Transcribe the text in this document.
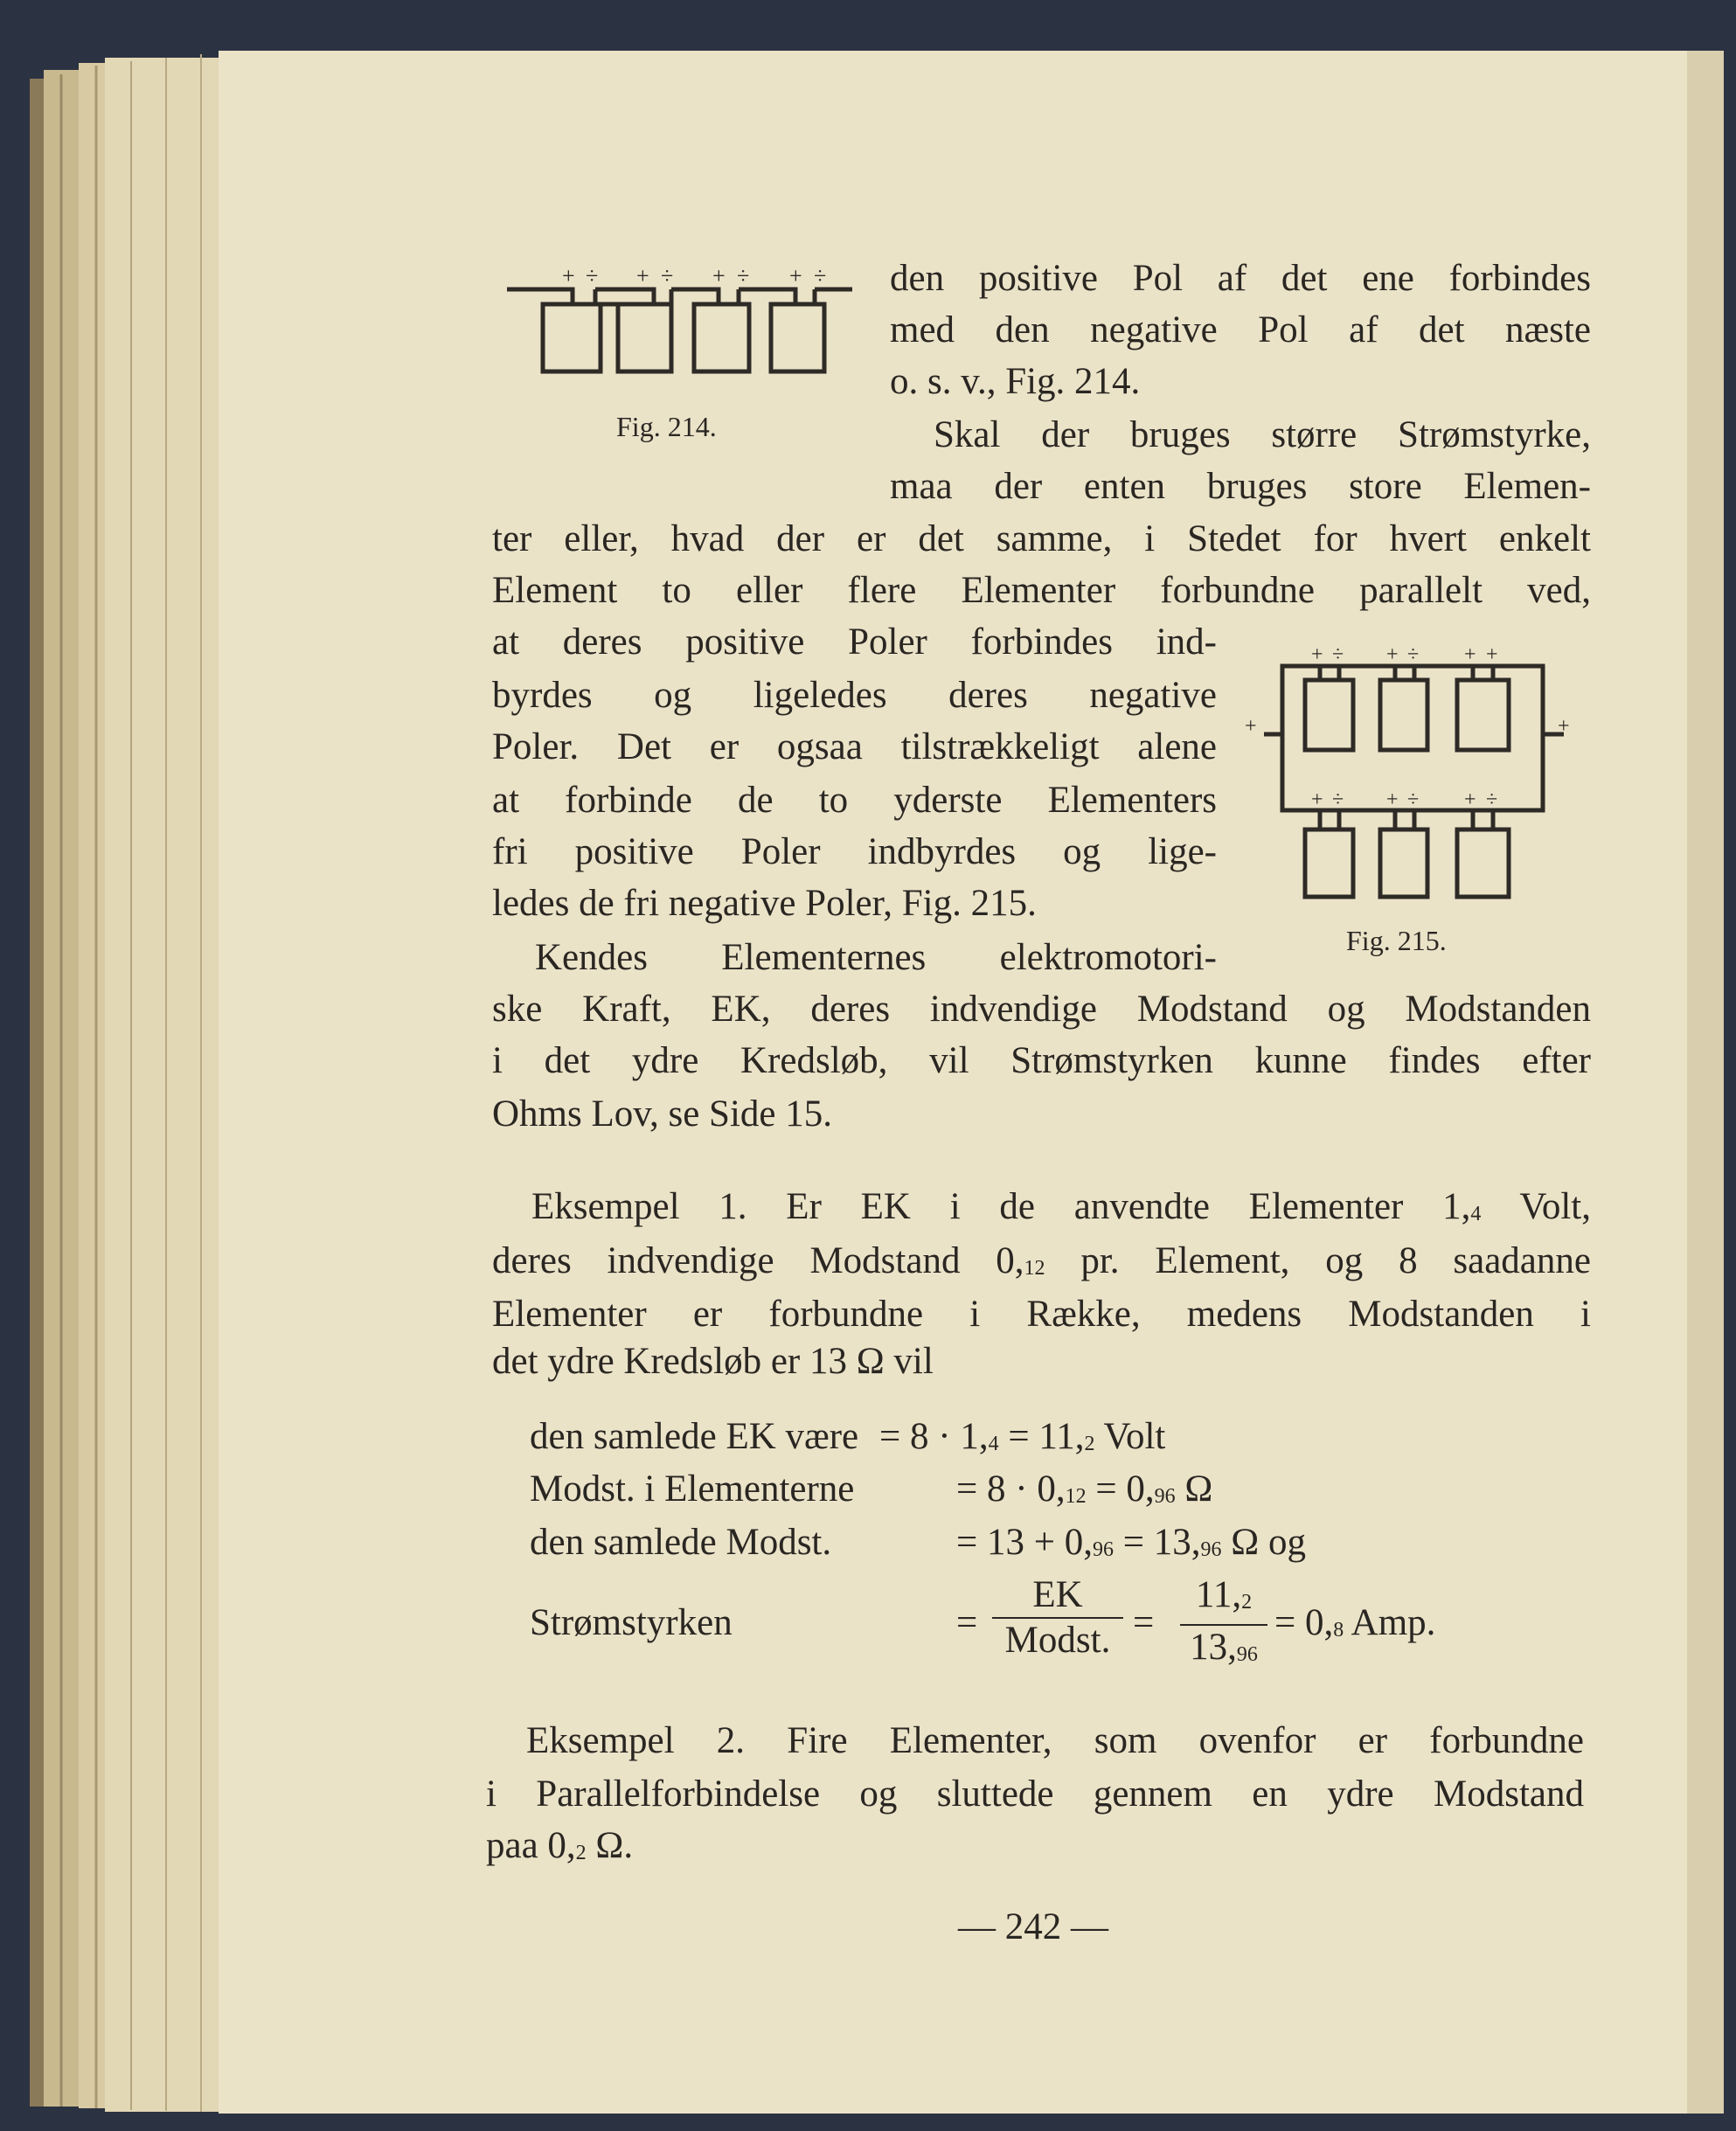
+ ÷ + ÷ + ÷ + ÷
+ ÷ + ÷ + +
+ ÷ + ÷ + ÷
+	+
Fig. 214.
Fig. 215.
den positive Pol af det ene forbindes
med den negative Pol af det næste
o. s. v., Fig. 214.
Skal der bruges større Strømstyrke,
maa der enten bruges store Elemen-
ter eller, hvad der er det samme, i Stedet for hvert enkelt
Element to eller flere Elementer forbundne parallelt ved,
at deres positive Poler forbindes ind-
byrdes og ligeledes deres negative
Poler. Det er ogsaa tilstrækkeligt alene
at forbinde de to yderste Elementers
fri positive Poler indbyrdes og lige-
ledes de fri negative Poler, Fig. 215.
Kendes Elementernes elektromotori-
ske Kraft, EK, deres indvendige Modstand og Modstanden
i det ydre Kredsløb, vil Strømstyrken kunne findes efter
Ohms Lov, se Side 15.
Eksempel 1. Er EK i de anvendte Elementer 1,4 Volt,
deres indvendige Modstand 0,12 pr. Element, og 8 saadanne
Elementer er forbundne i Række, medens Modstanden i
det ydre Kredsløb er 13 Ω vil
den samlede EK være = 8 · 1,4 = 11,2 Volt
Modst. i Elementerne	= 8 · 0,12 = 0,96 Ω
den samlede Modst.	= 13 + 0,96 = 13,96 Ω og
Strømstyrken	=
EK
Modst. = $\frac{11,2}{13,96} = 0,8$ Amp.
Eksempel 2. Fire Elementer, som ovenfor er forbundne
i Parallelforbindelse og sluttede gennem en ydre Modstand
paa 0,2 Ω.
— 242 —
